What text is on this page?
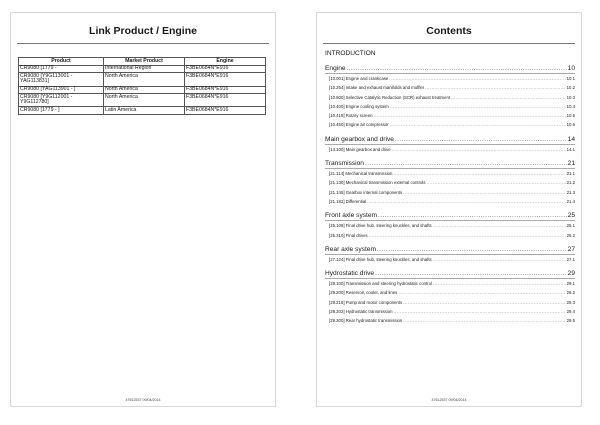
Link Product / Engine
Product	Market Product	Engine
CR9080 [1779 -	International Region	F3BE0684N*E916
CR9080 [Y9G113001 - YAG113831]	North America	F3BE0684N*E916
CR9080 [YAG113901 - ]	North America	F3BE0684N*E916
CR9080 [Y9G112001 - Y9G112780]	North America	F3BE0684N*E916
CR9080 [1779 - ]	Latin America	F3BE0684N*E916
47612537 09/04/2014
Contents
INTRODUCTION
Engine .....	10
[10.001] Engine and crankcase .....	10.1
[10.254] Intake and exhaust manifolds and muffler .....	10.2
[10.500] Selective Catalytic Reduction (SCR) exhaust treatment .....	10.3
[10.400] Engine cooling system .....	10.4
[10.418] Rotary screen .....	10.5
[10.450] Engine air compressor .....	10.6
Main gearbox and drive .....	14
[14.100] Main gearbox and drive .....	14.1
Transmission .....	21
[21.114] Mechanical transmission .....	21.1
[21.130] Mechanical transmission external controls .....	21.2
[21.145] Gearbox internal components .....	21.3
[21.182] Differential .....	21.4
Front axle system .....	25
[25.108] Final drive hub, steering knuckles, and shafts .....	25.1
[25.310] Final drives .....	25.2
Rear axle system .....	27
[27.124] Final drive hub, steering knuckles, and shafts .....	27.1
Hydrostatic drive .....	29
[29.100] Transmission and steering hydrostatic control .....	29.1
[29.200] Reservoir, cooler, and lines .....	29.2
[29.218] Pump and motor components .....	29.3
[29.202] Hydrostatic transmission .....	29.4
[29.300] Rear hydrostatic transmission .....	29.5
47612537 09/04/2014
